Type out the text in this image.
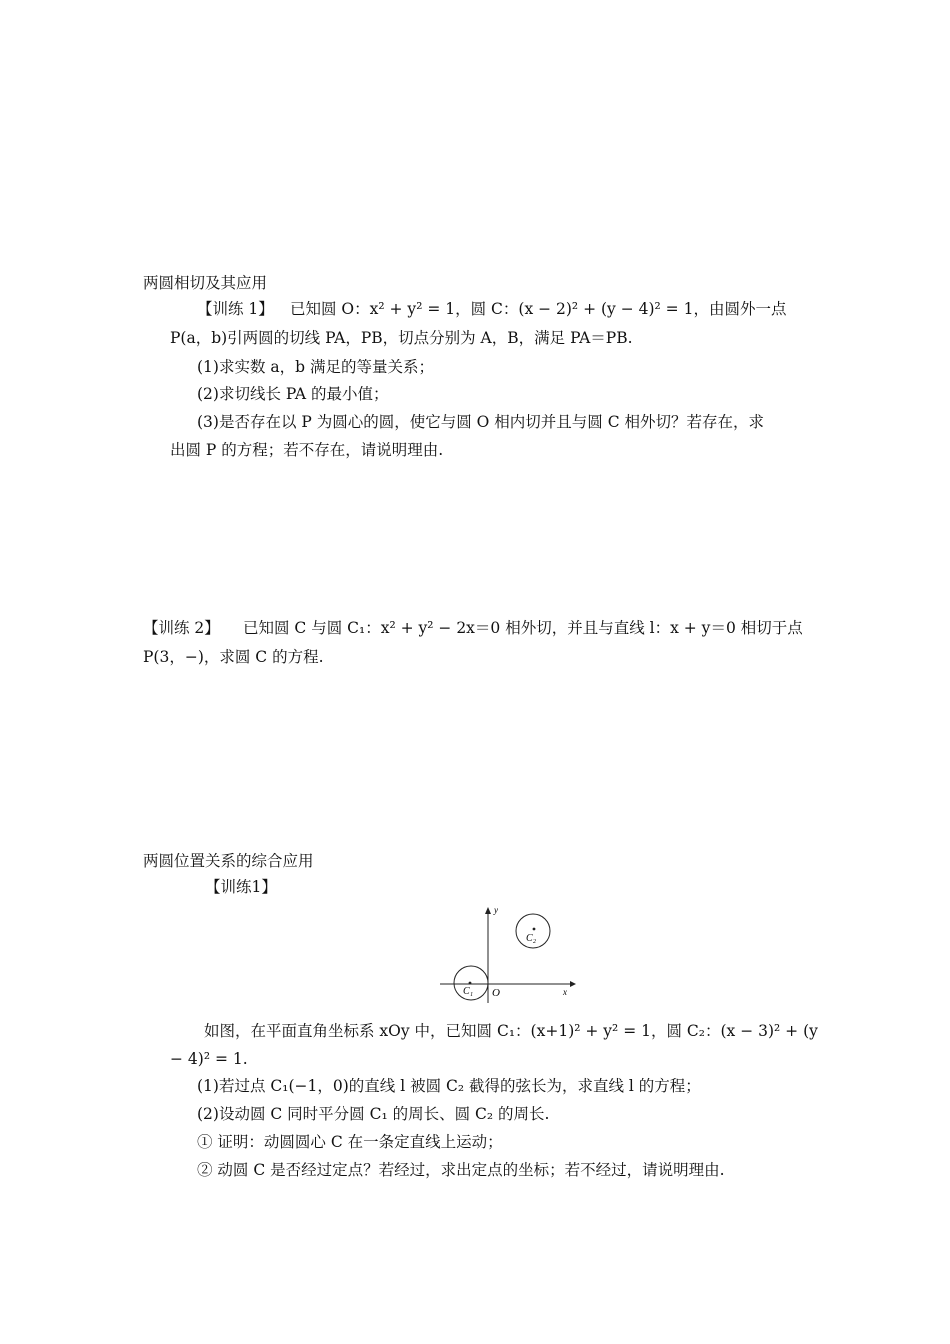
两圆相切及其应用
【训练 1】 已知圆 O：x² + y² = 1，圆 C：(x − 2)² + (y − 4)² = 1，由圆外一点
P(a，b)引两圆的切线 PA，PB，切点分别为 A，B，满足 PA＝PB.
(1)求实数 a，b 满足的等量关系；
(2)求切线长 PA 的最小值；
(3)是否存在以 P 为圆心的圆，使它与圆 O 相内切并且与圆 C 相外切？若存在，求
出圆 P 的方程；若不存在，请说明理由.
【训练 2】 已知圆 C 与圆 C₁：x² + y² − 2x＝0 相外切，并且与直线 l：x + y＝0 相切于点
P(3，−)，求圆 C 的方程.
两圆位置关系的综合应用
【训练1】
y
x
O
C₁
C₂
如图，在平面直角坐标系 xOy 中，已知圆 C₁：(x+1)² + y² = 1，圆 C₂：(x − 3)² + (y
− 4)² = 1.
(1)若过点 C₁(−1，0)的直线 l 被圆 C₂ 截得的弦长为，求直线 l 的方程；
(2)设动圆 C 同时平分圆 C₁ 的周长、圆 C₂ 的周长.
① 证明：动圆圆心 C 在一条定直线上运动；
② 动圆 C 是否经过定点？若经过，求出定点的坐标；若不经过，请说明理由.
